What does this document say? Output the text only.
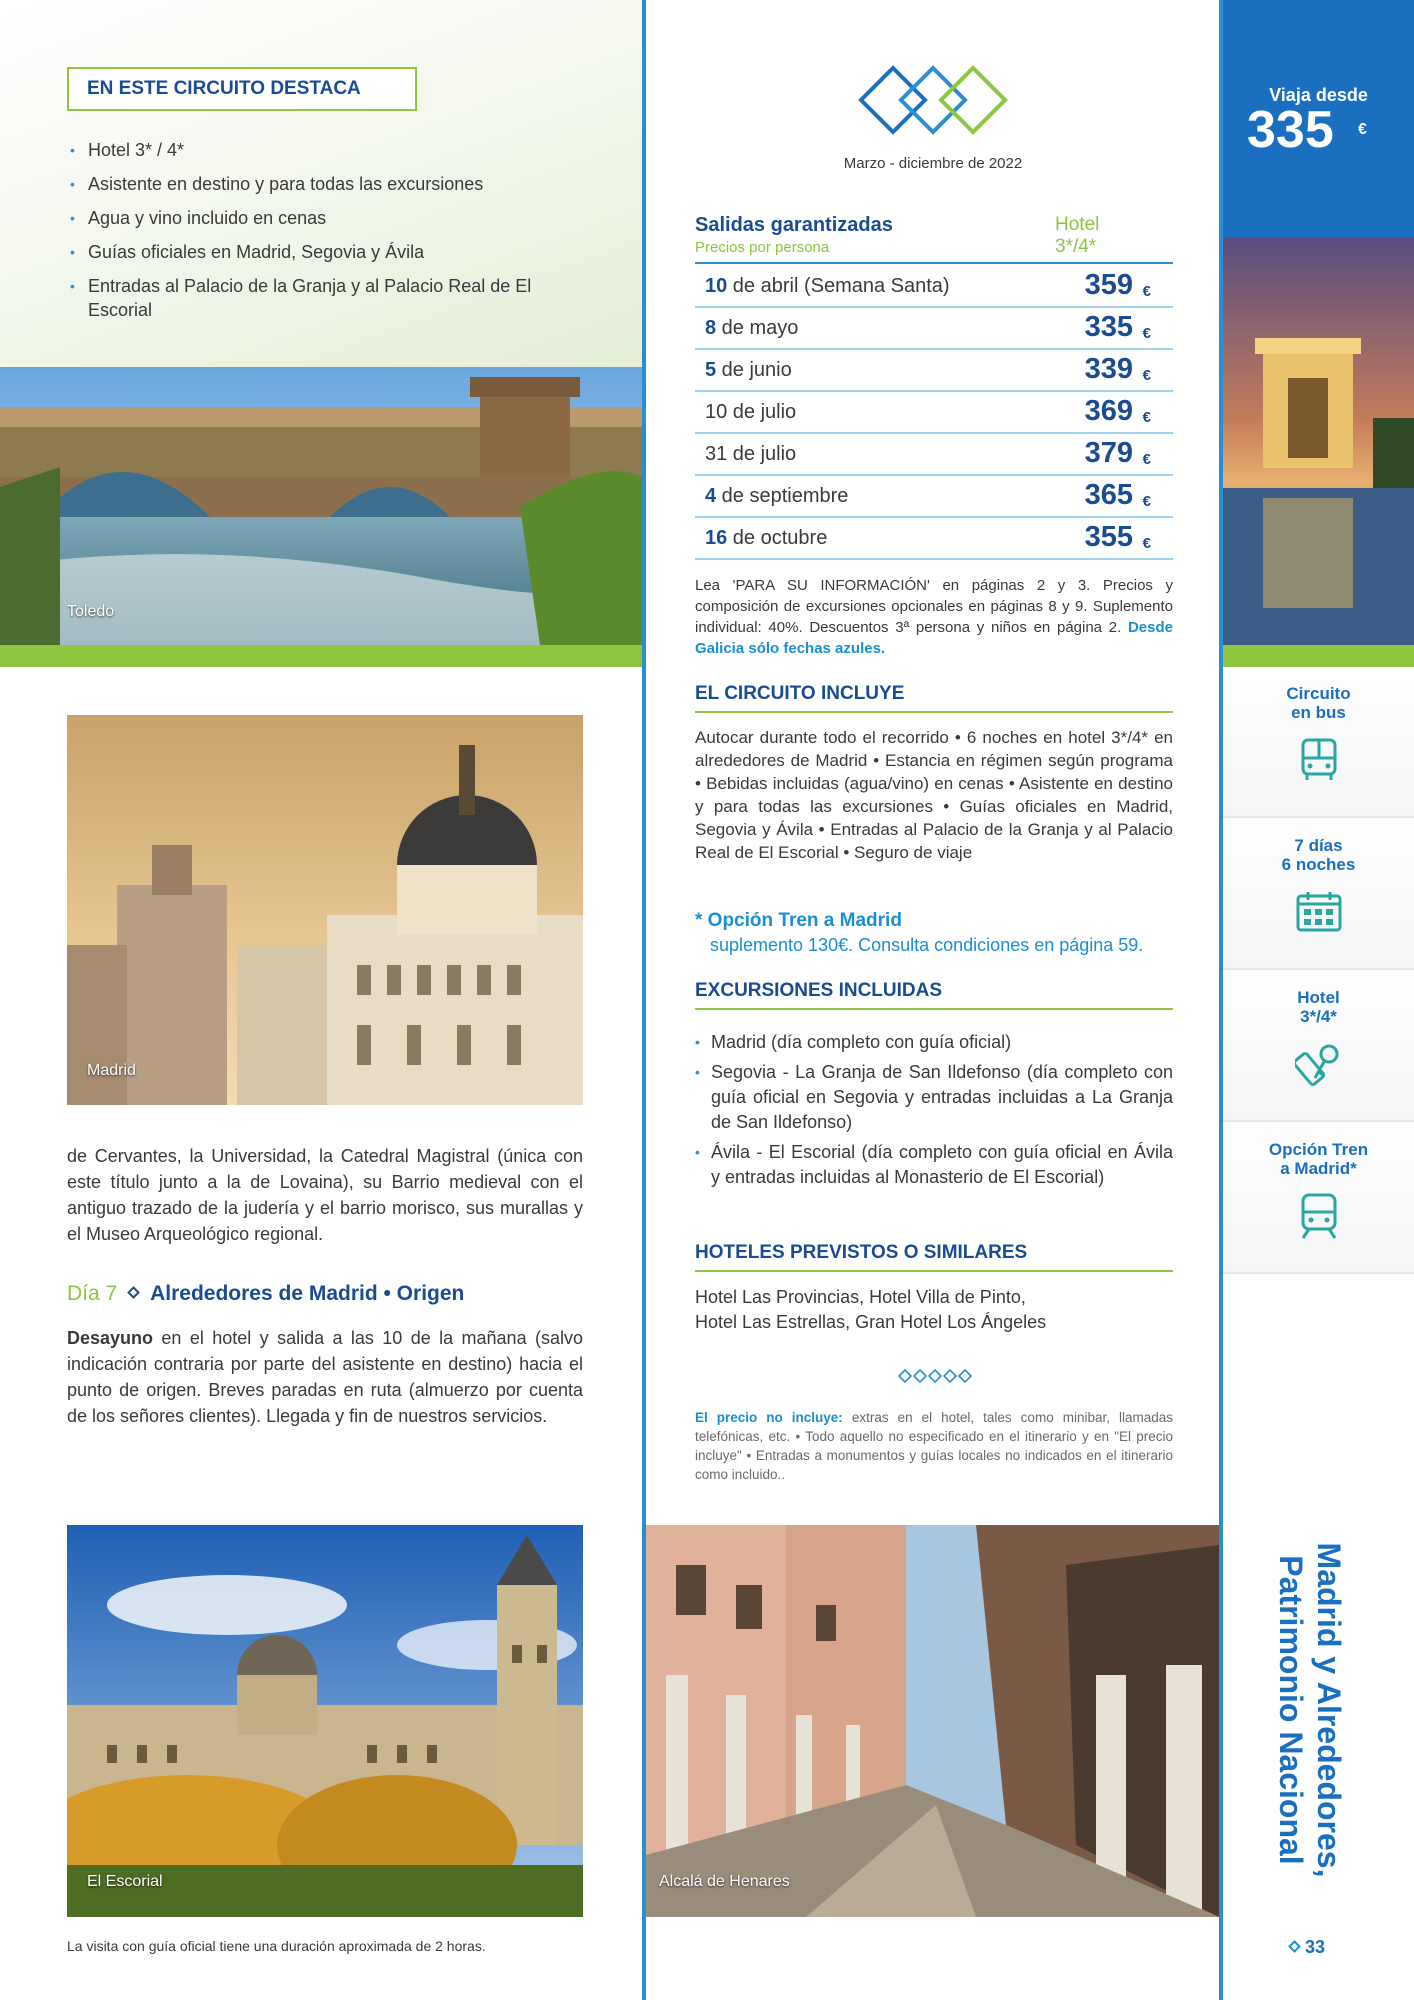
EN ESTE CIRCUITO DESTACA
• Hotel 3* / 4*
• Asistente en destino y para todas las excursiones
• Agua y vino incluido en cenas
• Guías oficiales en Madrid, Segovia y Ávila
• Entradas al Palacio de la Granja y al Palacio Real de El Escorial
Toledo
Madrid
de Cervantes, la Universidad, la Catedral Magistral (única con este título junto a la de Lovaina), su Barrio medieval con el antiguo trazado de la judería y el barrio morisco, sus murallas y el Museo Arqueológico regional.
Día 7 Alrededores de Madrid • Origen
Desayuno en el hotel y salida a las 10 de la mañana (salvo indicación contraria por parte del asistente en destino) hacia el punto de origen. Breves paradas en ruta (almuerzo por cuenta de los señores clientes). Llegada y fin de nuestros servicios.
El Escorial
La visita con guía oficial tiene una duración aproximada de 2 horas.
Marzo - diciembre de 2022
Salidas garantizadas
Precios por persona
Hotel
3*/4*
10 de abril (Semana Santa)	359 €
8 de mayo	335 €
5 de junio	339 €
10 de julio	369 €
31 de julio	379 €
4 de septiembre	365 €
16 de octubre	355 €
Lea 'PARA SU INFORMACIÓN' en páginas 2 y 3. Precios y composición de excursiones opcionales en páginas 8 y 9. Suplemento individual: 40%. Descuentos 3ª persona y niños en página 2. Desde Galicia sólo fechas azules.
EL CIRCUITO INCLUYE
Autocar durante todo el recorrido • 6 noches en hotel 3*/4* en alrededores de Madrid • Estancia en régimen según programa • Bebidas incluidas (agua/vino) en cenas • Asistente en destino y para todas las excursiones • Guías oficiales en Madrid, Segovia y Ávila • Entradas al Palacio de la Granja y al Palacio Real de El Escorial • Seguro de viaje
* Opción Tren a Madrid
suplemento 130€. Consulta condiciones en página 59.
EXCURSIONES INCLUIDAS
• Madrid (día completo con guía oficial)
• Segovia - La Granja de San Ildefonso (día completo con guía oficial en Segovia y entradas incluidas a La Granja de San Ildefonso)
• Ávila - El Escorial (día completo con guía oficial en Ávila y entradas incluidas al Monasterio de El Escorial)
HOTELES PREVISTOS O SIMILARES
Hotel Las Provincias, Hotel Villa de Pinto,
Hotel Las Estrellas, Gran Hotel Los Ángeles
El precio no incluye: extras en el hotel, tales como minibar, llamadas telefónicas, etc. • Todo aquello no especificado en el itinerario y en "El precio incluye" • Entradas a monumentos y guías locales no indicados en el itinerario como incluido..
Alcalá de Henares
Viaja desde
335 €
Circuito
en bus
7 días
6 noches
Hotel
3*/4*
Opción Tren
a Madrid*
Madrid y Alrededores,
Patrimonio Nacional
33
